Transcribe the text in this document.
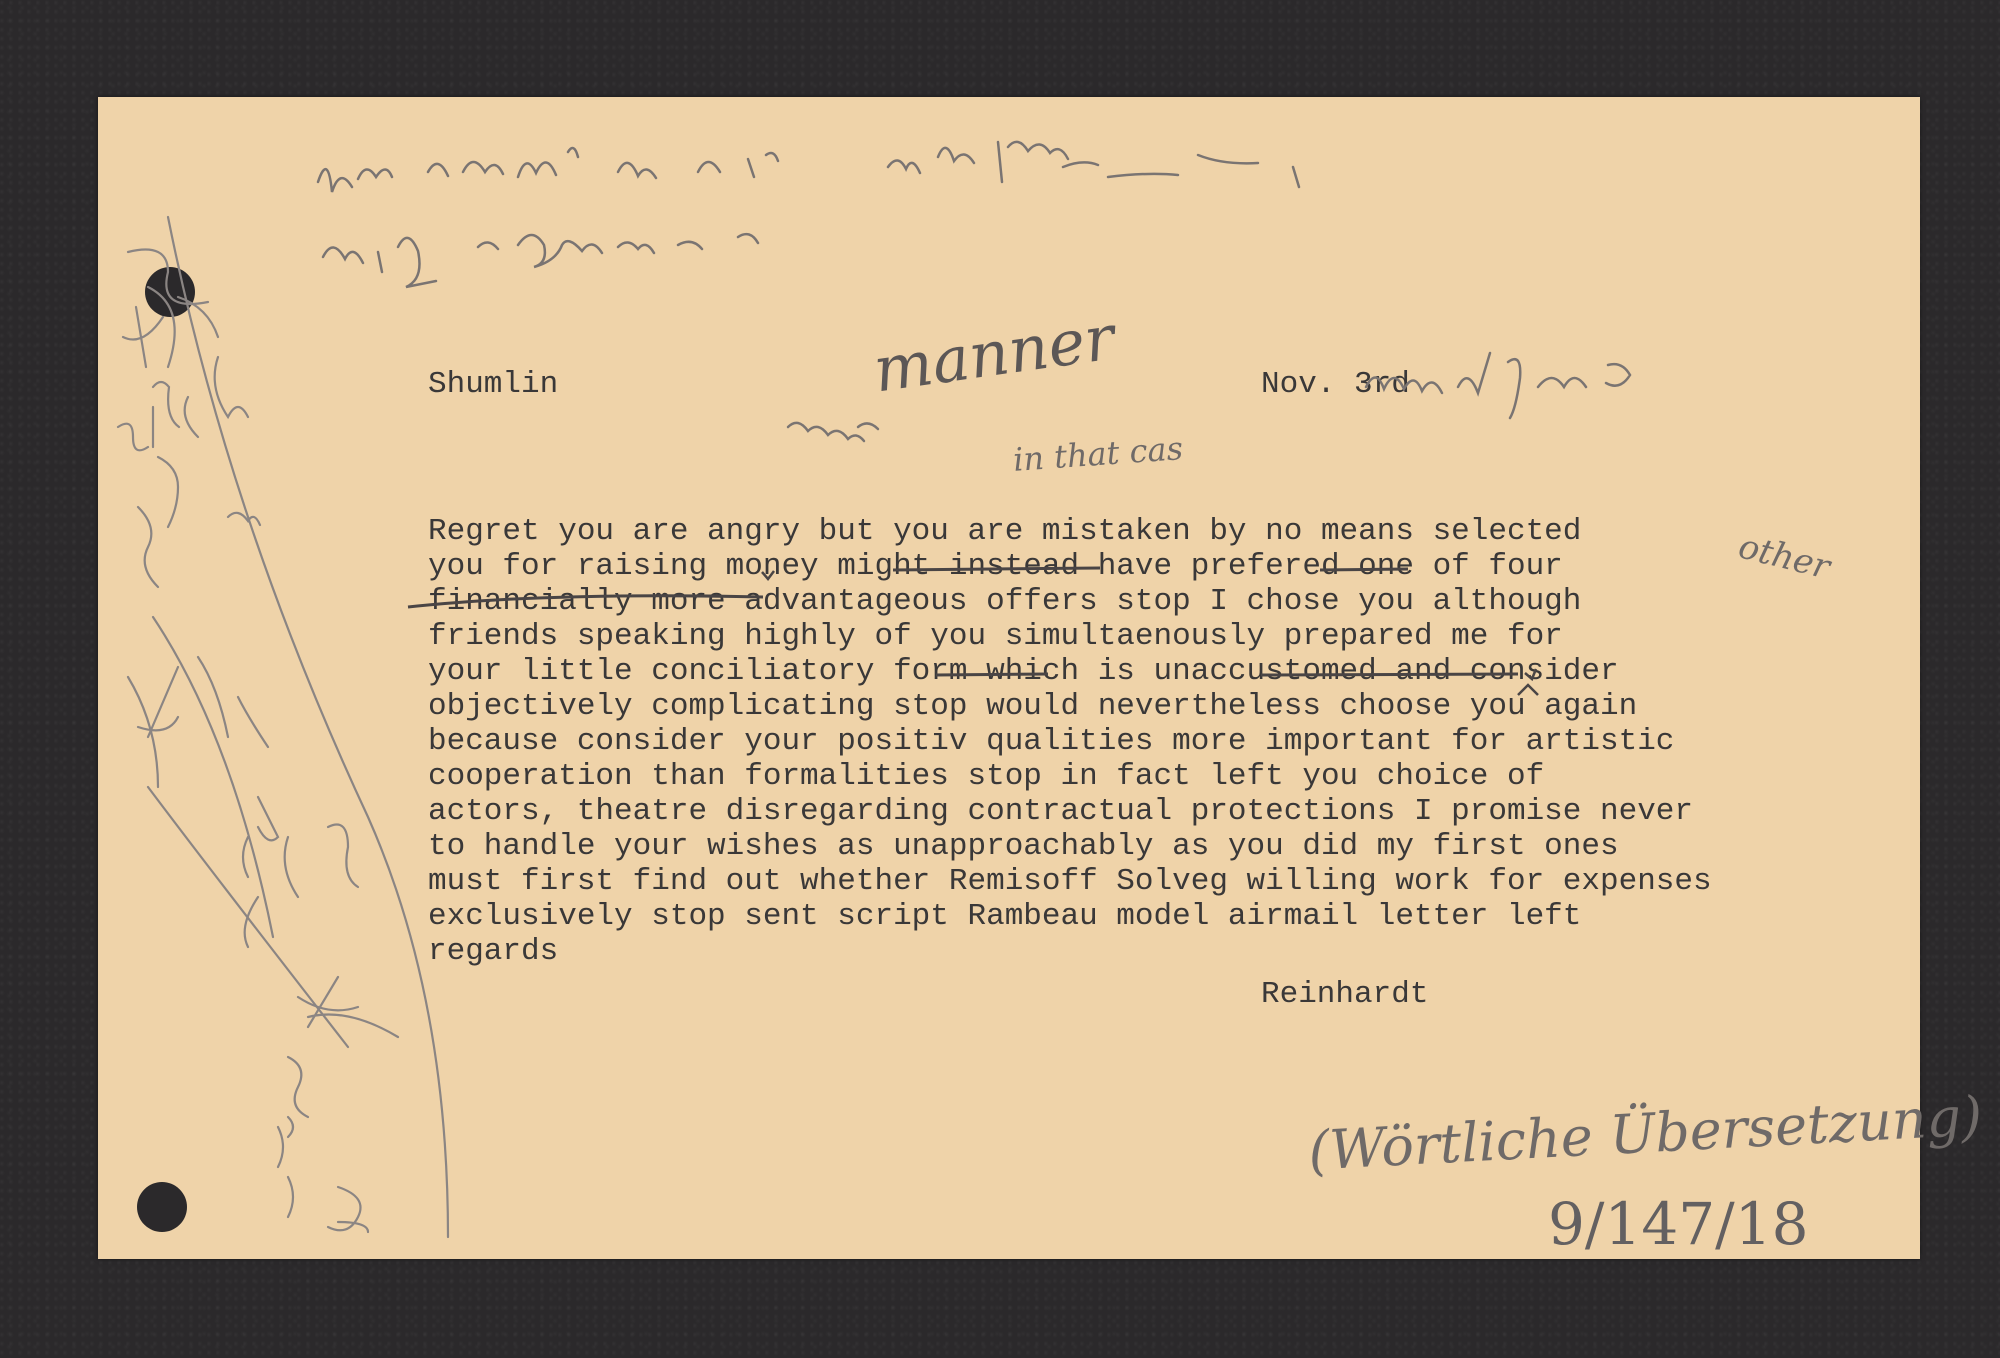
Shumlin	Nov. 3rd

Regret you are angry but you are mistaken by no means selected

you for raising money might instead have prefered one of four

financially more advantageous offers stop I chose you although

friends speaking highly of you simultaenously prepared me for

your little conciliatory form which is unaccustomed and consider

objectively complicating stop would nevertheless choose you again

because consider your positiv qualities more important for artistic

cooperation than formalities stop in fact left you choice of

actors, theatre disregarding contractual protections I promise never

to handle your wishes as unapproachably as you did my first ones

must first find out whether Remisoff Solveg willing work for expenses

exclusively stop sent script Rambeau model airmail letter left

regards

Reinhardt

manner
in that cas
other
(Wörtliche Übersetzung)
9/147/18
